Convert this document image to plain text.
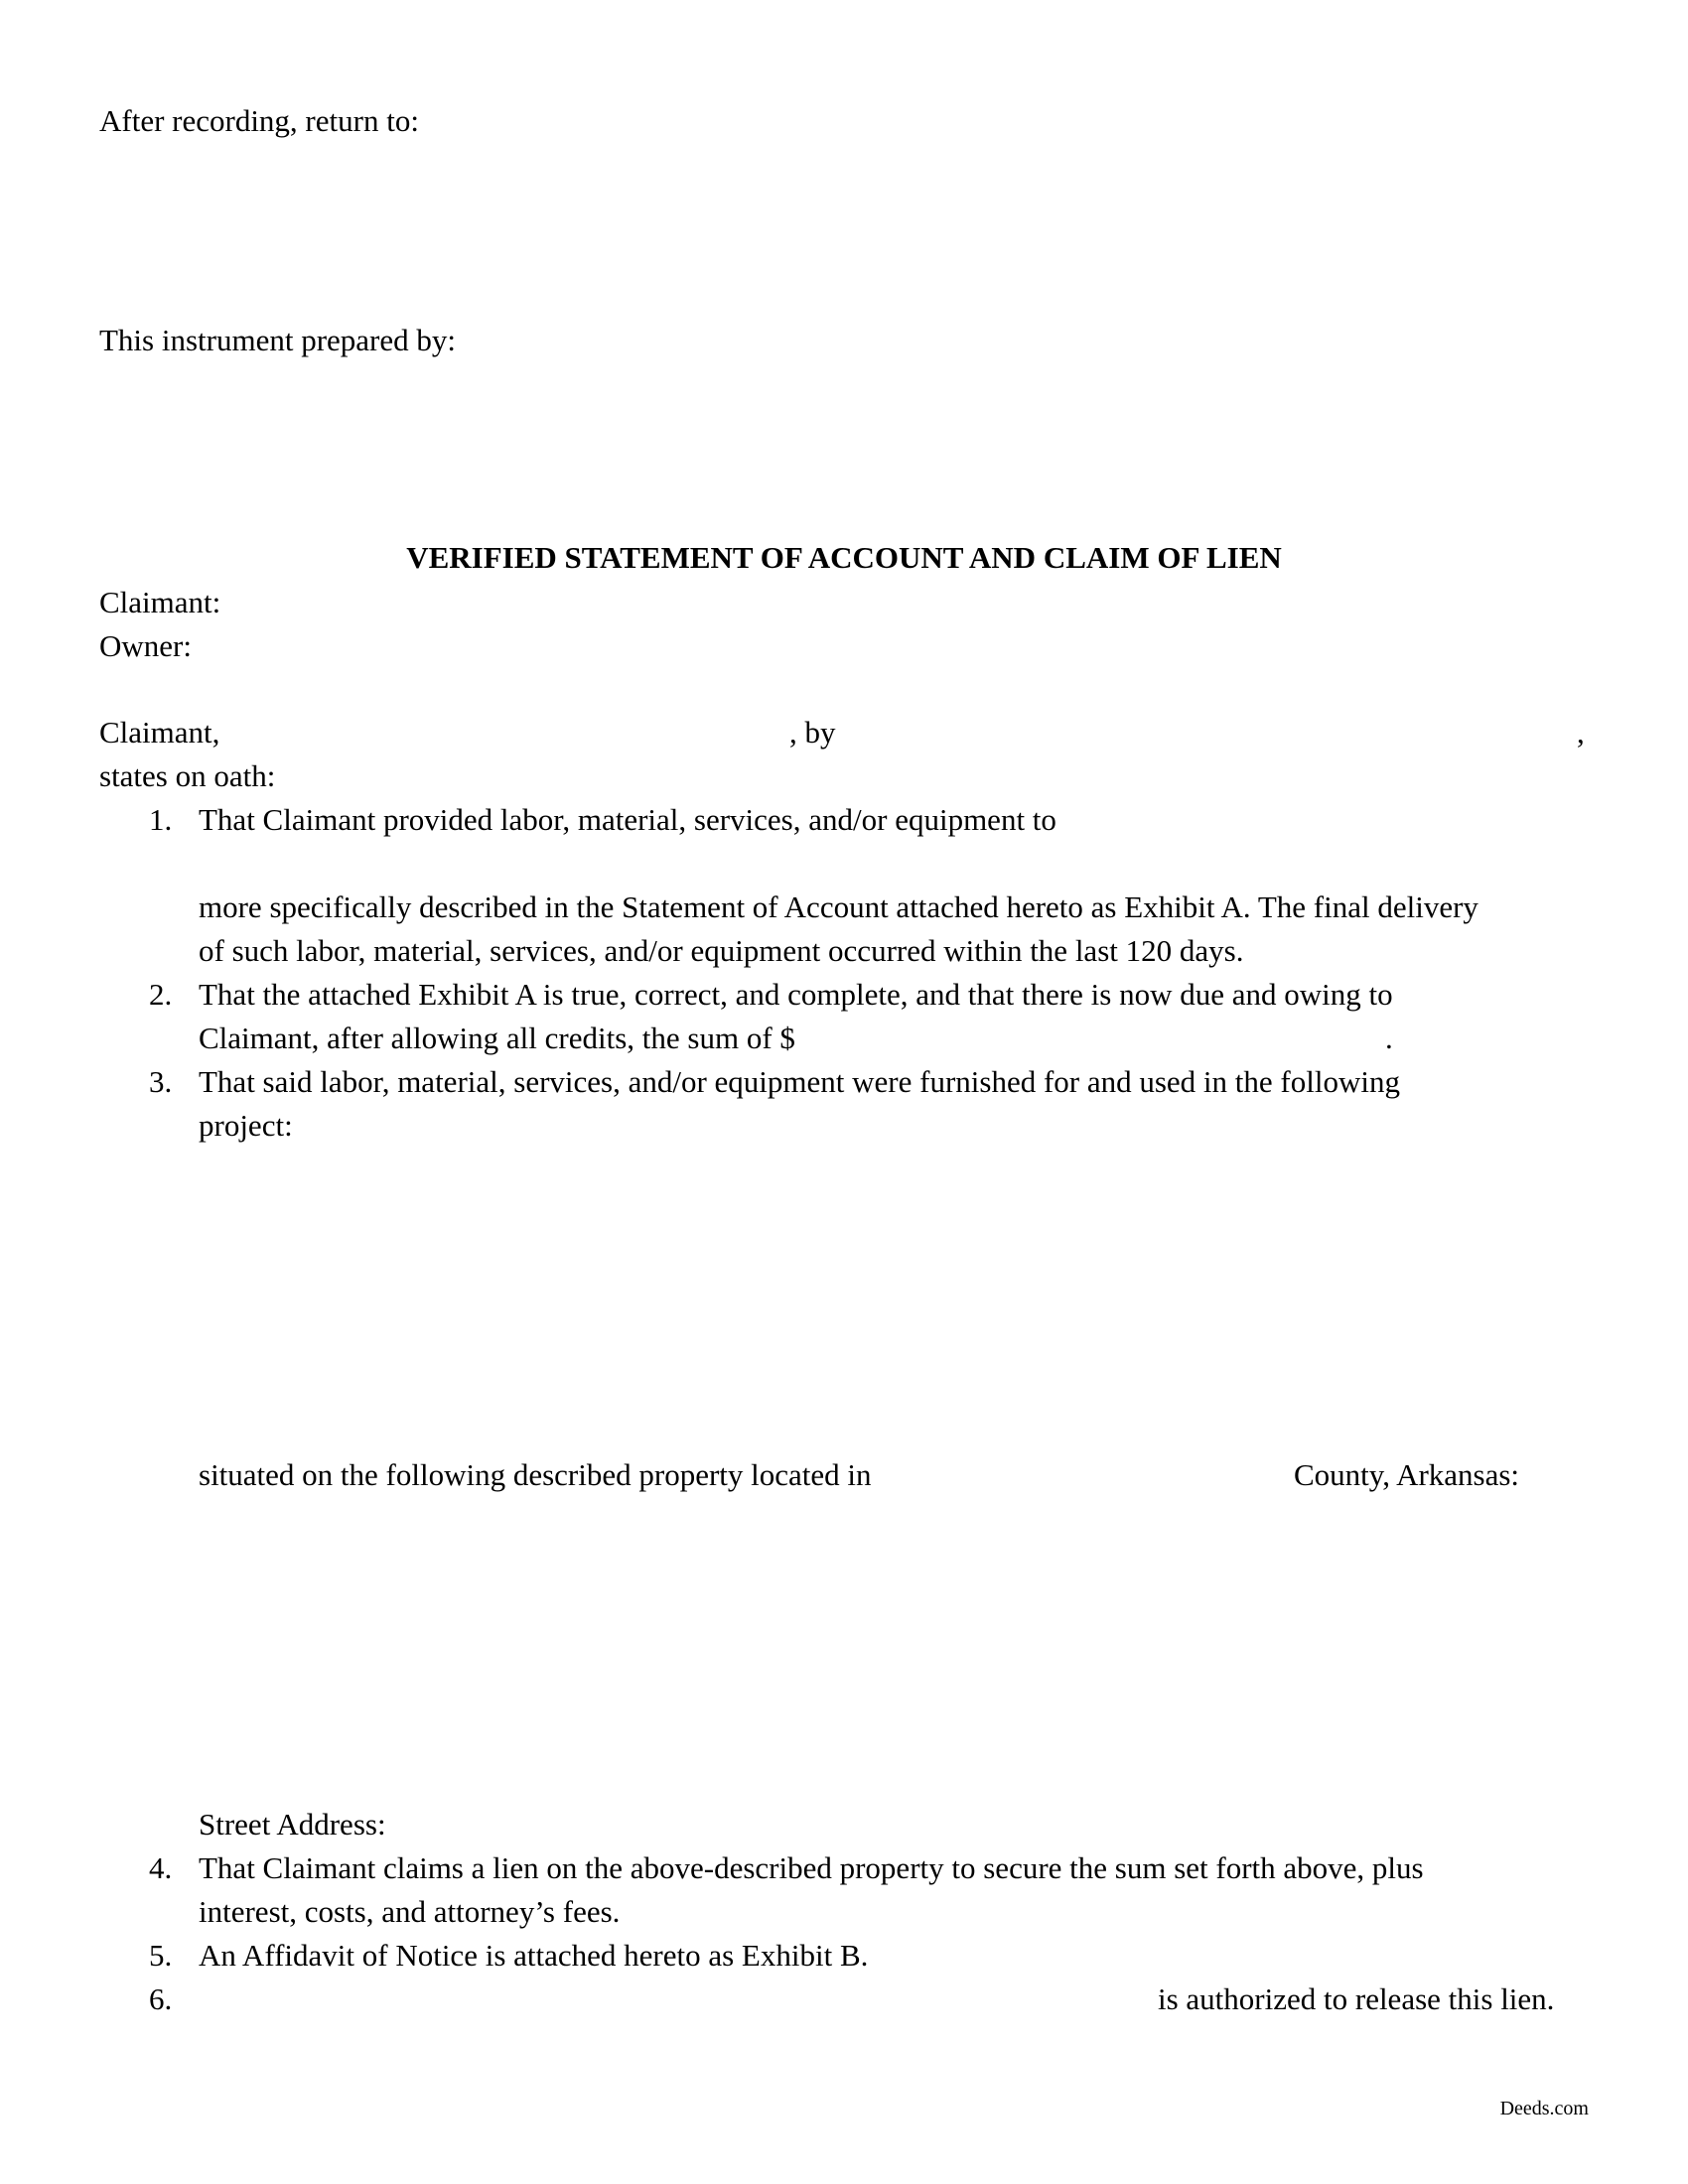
After recording, return to:
This instrument prepared by:
VERIFIED STATEMENT OF ACCOUNT AND CLAIM OF LIEN
Claimant:
Owner:
Claimant,	, by	,
states on oath:
1. That Claimant provided labor, material, services, and/or equipment to
more specifically described in the Statement of Account attached hereto as Exhibit A. The final delivery
of such labor, material, services, and/or equipment occurred within the last 120 days.
2. That the attached Exhibit A is true, correct, and complete, and that there is now due and owing to
Claimant, after allowing all credits, the sum of $	.
3. That said labor, material, services, and/or equipment were furnished for and used in the following
project:
situated on the following described property located in	County, Arkansas:
Street Address:
4. That Claimant claims a lien on the above-described property to secure the sum set forth above, plus
interest, costs, and attorney’s fees.
5. An Affidavit of Notice is attached hereto as Exhibit B.
6.	is authorized to release this lien.
Deeds.com
